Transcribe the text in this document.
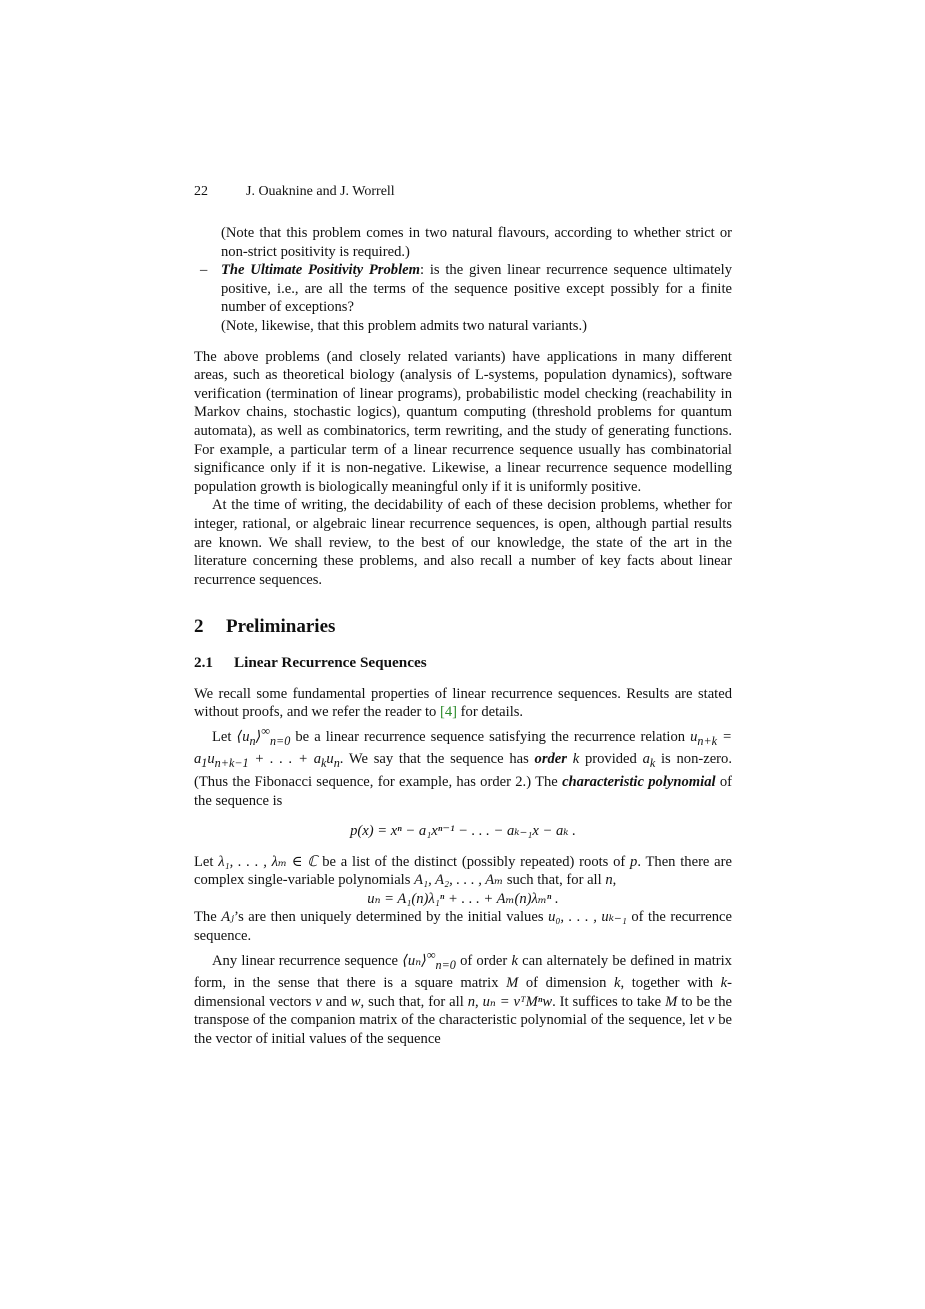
22	J. Ouaknine and J. Worrell
(Note that this problem comes in two natural flavours, according to whether strict or non-strict positivity is required.)
– The Ultimate Positivity Problem: is the given linear recurrence sequence ultimately positive, i.e., are all the terms of the sequence positive except possibly for a finite number of exceptions?
(Note, likewise, that this problem admits two natural variants.)
The above problems (and closely related variants) have applications in many different areas, such as theoretical biology (analysis of L-systems, population dynamics), software verification (termination of linear programs), probabilistic model checking (reachability in Markov chains, stochastic logics), quantum computing (threshold problems for quantum automata), as well as combinatorics, term rewriting, and the study of generating functions. For example, a particular term of a linear recurrence sequence usually has combinatorial significance only if it is non-negative. Likewise, a linear recurrence sequence modelling population growth is biologically meaningful only if it is uniformly positive.
At the time of writing, the decidability of each of these decision problems, whether for integer, rational, or algebraic linear recurrence sequences, is open, although partial results are known. We shall review, to the best of our knowledge, the state of the art in the literature concerning these problems, and also recall a number of key facts about linear recurrence sequences.
2 Preliminaries
2.1 Linear Recurrence Sequences
We recall some fundamental properties of linear recurrence sequences. Results are stated without proofs, and we refer the reader to [4] for details.
Let $⟨u_n⟩^\infty_{n=0}$ be a linear recurrence sequence satisfying the recurrence relation $u_{n+k} = a_1u_{n+k-1}$ + . . . + $a_ku_n$. We say that the sequence has order k provided $a_k$ is non-zero. (Thus the Fibonacci sequence, for example, has order 2.) The characteristic polynomial of the sequence is
p(x) = xⁿ − a₁xⁿ⁻¹ − . . . − aₖ₋₁x − aₖ .
Let λ₁, . . . , λₘ ∈ ℂ be a list of the distinct (possibly repeated) roots of p. Then there are complex single-variable polynomials A₁, A₂, . . . , Aₘ such that, for all n,
uₙ = A₁(n)λ₁ⁿ + . . . + Aₘ(n)λₘⁿ .
The Aⱼ’s are then uniquely determined by the initial values u₀, . . . , uₖ₋₁ of the recurrence sequence.
Any linear recurrence sequence $⟨u_n⟩^\infty_{n=0}$ of order k can alternately be defined in matrix form, in the sense that there is a square matrix M of dimension k, together with k-dimensional vectors v and w, such that, for all n, uₙ = vᵀMⁿw. It suffices to take M to be the transpose of the companion matrix of the characteristic polynomial of the sequence, let v be the vector of initial values of the sequence
